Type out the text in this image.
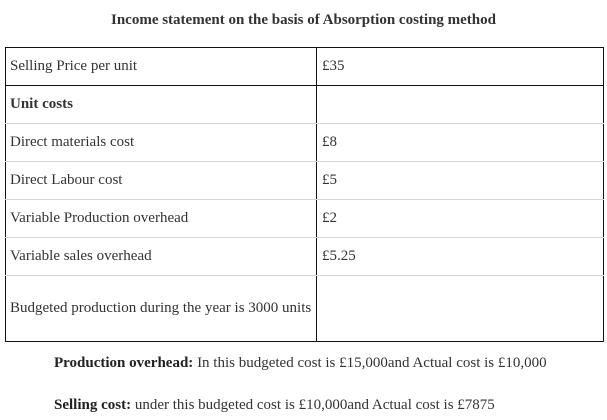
Income statement on the basis of Absorption costing method
Selling Price per unit	£35
Unit costs	
Direct materials cost	£8
Direct Labour cost	£5
Variable Production overhead	£2
Variable sales overhead	£5.25
Budgeted production during the year is 3000 units	
Production overhead: In this budgeted cost is £15,000and Actual cost is £10,000
Selling cost: under this budgeted cost is £10,000and Actual cost is £7875
